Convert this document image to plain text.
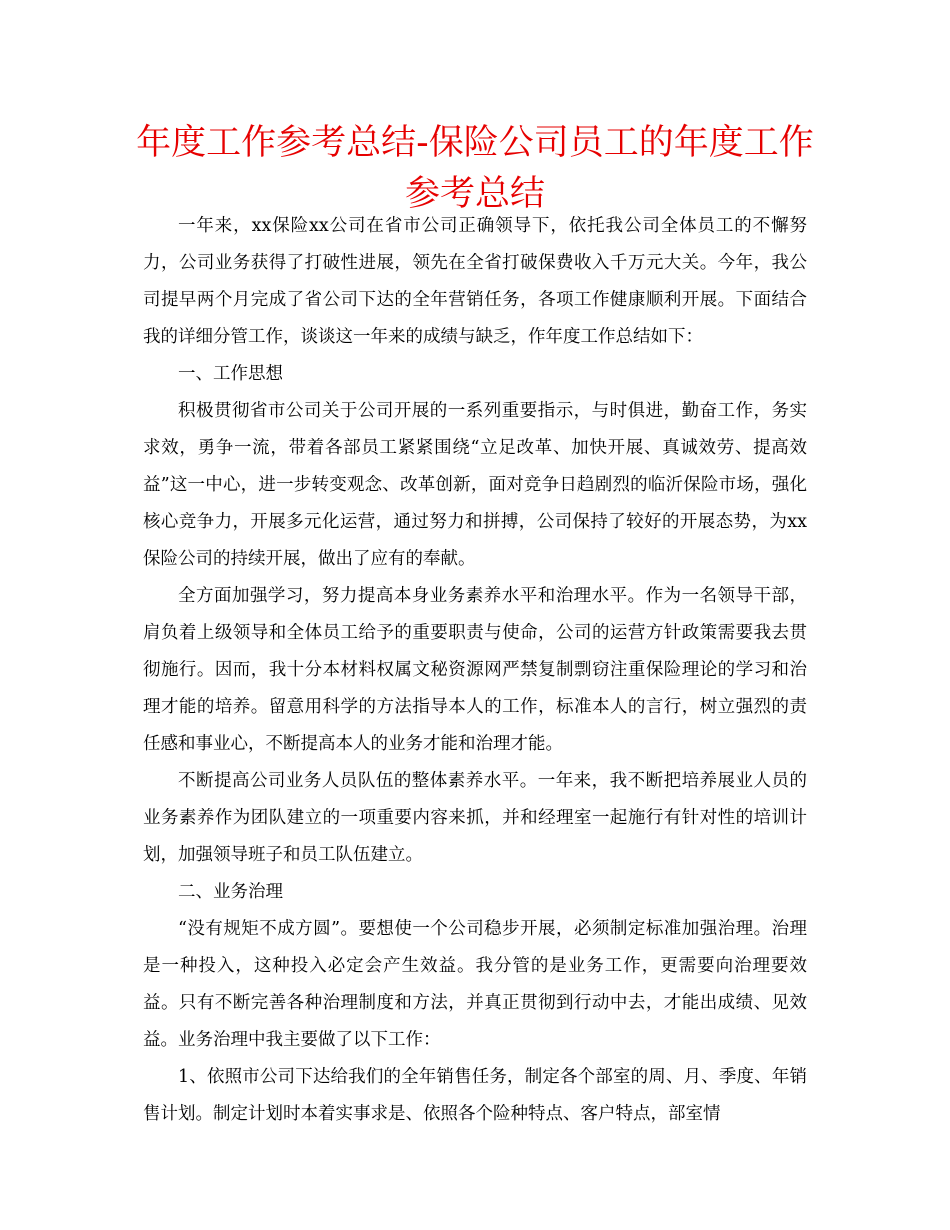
年度工作参考总结-保险公司员工的年度工作参考总结

一年来，xx保险xx公司在省市公司正确领导下，依托我公司全体员工的不懈努力，公司业务获得了打破性进展，领先在全省打破保费收入千万元大关。今年，我公司提早两个月完成了省公司下达的全年营销任务，各项工作健康顺利开展。下面结合我的详细分管工作，谈谈这一年来的成绩与缺乏，作年度工作总结如下：

一、工作思想

积极贯彻省市公司关于公司开展的一系列重要指示，与时俱进，勤奋工作，务实求效，勇争一流，带着各部员工紧紧围绕“立足改革、加快开展、真诚效劳、提高效益”这一中心，进一步转变观念、改革创新，面对竞争日趋剧烈的临沂保险市场，强化核心竞争力，开展多元化运营，通过努力和拼搏，公司保持了较好的开展态势，为xx保险公司的持续开展，做出了应有的奉献。

全方面加强学习，努力提高本身业务素养水平和治理水平。作为一名领导干部，肩负着上级领导和全体员工给予的重要职责与使命，公司的运营方针政策需要我去贯彻施行。因而，我十分本材料权属文秘资源网严禁复制剽窃注重保险理论的学习和治理才能的培养。留意用科学的方法指导本人的工作，标准本人的言行，树立强烈的责任感和事业心，不断提高本人的业务才能和治理才能。

不断提高公司业务人员队伍的整体素养水平。一年来，我不断把培养展业人员的业务素养作为团队建立的一项重要内容来抓，并和经理室一起施行有针对性的培训计划，加强领导班子和员工队伍建立。

二、业务治理

“没有规矩不成方圆”。要想使一个公司稳步开展，必须制定标准加强治理。治理是一种投入，这种投入必定会产生效益。我分管的是业务工作，更需要向治理要效益。只有不断完善各种治理制度和方法，并真正贯彻到行动中去，才能出成绩、见效益。业务治理中我主要做了以下工作：

1、依照市公司下达给我们的全年销售任务，制定各个部室的周、月、季度、年销售计划。制定计划时本着实事求是、依照各个险种特点、客户特点，部室情
